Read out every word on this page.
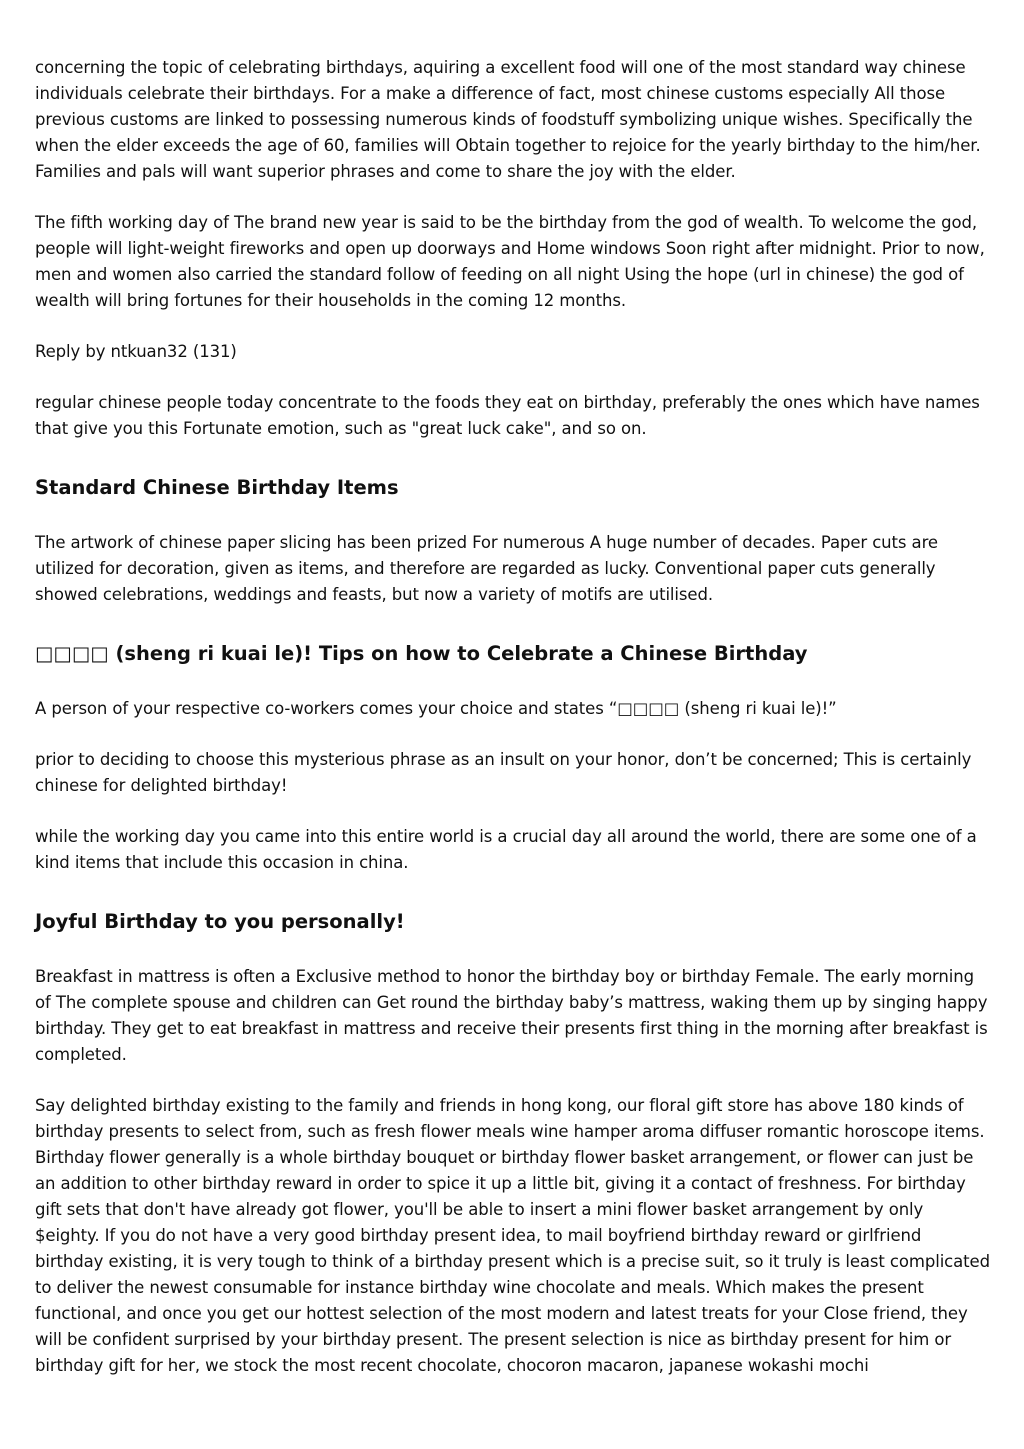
concerning the topic of celebrating birthdays, aquiring a excellent food will one of the most standard way chinese individuals celebrate their birthdays. For a make a difference of fact, most chinese customs especially All those previous customs are linked to possessing numerous kinds of foodstuff symbolizing unique wishes. Specifically the when the elder exceeds the age of 60, families will Obtain together to rejoice for the yearly birthday to the him/her. Families and pals will want superior phrases and come to share the joy with the elder.

The fifth working day of The brand new year is said to be the birthday from the god of wealth. To welcome the god, people will light-weight fireworks and open up doorways and Home windows Soon right after midnight. Prior to now, men and women also carried the standard follow of feeding on all night Using the hope (url in chinese) the god of wealth will bring fortunes for their households in the coming 12 months.

Reply by ntkuan32 (131)

regular chinese people today concentrate to the foods they eat on birthday, preferably the ones which have names that give you this Fortunate emotion, such as "great luck cake", and so on.

Standard Chinese Birthday Items

The artwork of chinese paper slicing has been prized For numerous A huge number of decades. Paper cuts are utilized for decoration, given as items, and therefore are regarded as lucky. Conventional paper cuts generally showed celebrations, weddings and feasts, but now a variety of motifs are utilised.

□□□□ (sheng ri kuai le)! Tips on how to Celebrate a Chinese Birthday

A person of your respective co-workers comes your choice and states “□□□□ (sheng ri kuai le)!”

prior to deciding to choose this mysterious phrase as an insult on your honor, don’t be concerned; This is certainly chinese for delighted birthday!

while the working day you came into this entire world is a crucial day all around the world, there are some one of a kind items that include this occasion in china.

Joyful Birthday to you personally!

Breakfast in mattress is often a Exclusive method to honor the birthday boy or birthday Female. The early morning of The complete spouse and children can Get round the birthday baby’s mattress, waking them up by singing happy birthday. They get to eat breakfast in mattress and receive their presents first thing in the morning after breakfast is completed.

Say delighted birthday existing to the family and friends in hong kong, our floral gift store has above 180 kinds of birthday presents to select from, such as fresh flower meals wine hamper aroma diffuser romantic horoscope items. Birthday flower generally is a whole birthday bouquet or birthday flower basket arrangement, or flower can just be an addition to other birthday reward in order to spice it up a little bit, giving it a contact of freshness. For birthday gift sets that don't have already got flower, you'll be able to insert a mini flower basket arrangement by only $eighty. If you do not have a very good birthday present idea, to mail boyfriend birthday reward or girlfriend birthday existing, it is very tough to think of a birthday present which is a precise suit, so it truly is least complicated to deliver the newest consumable for instance birthday wine chocolate and meals. Which makes the present functional, and once you get our hottest selection of the most modern and latest treats for your Close friend, they will be confident surprised by your birthday present. The present selection is nice as birthday present for him or birthday gift for her, we stock the most recent chocolate, chocoron macaron, japanese wokashi mochi
